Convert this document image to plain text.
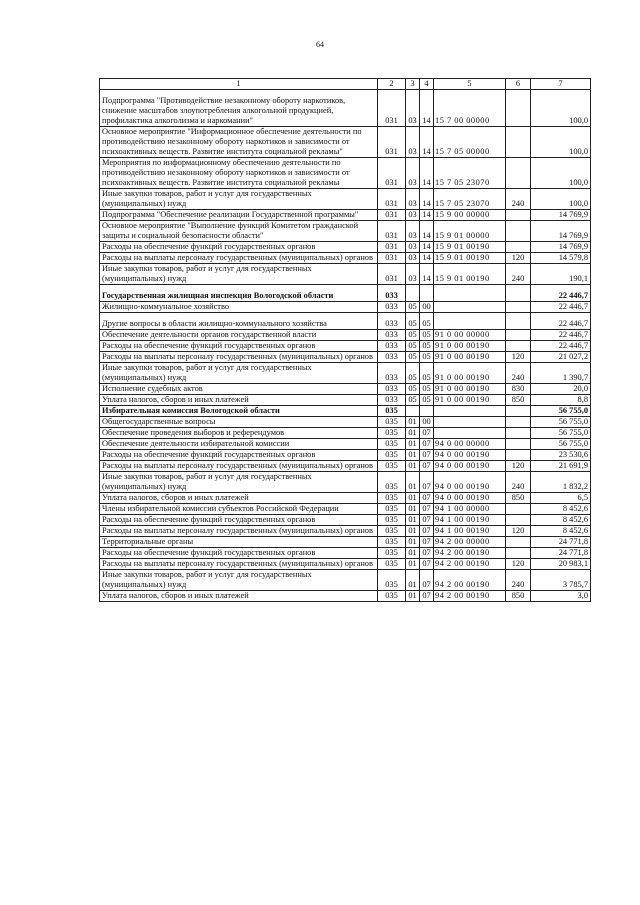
64
1	2	3	4	5	6	7
Подпрограмма "Противодействие незаконному обороту наркотиков, снижение масштабов злоупотребления алкогольной продукцией, профилактика алкоголизма и наркомании"	031	03	14	15 7 00 00000		100,0
Основное мероприятие "Информационное обеспечение деятельности по противодействию незаконному обороту наркотиков и зависимости от психоактивных веществ. Развитие института социальной рекламы"	031	03	14	15 7 05 00000		100,0
Мероприятия по информационному обеспечению деятельности по противодействию незаконному обороту наркотиков и зависимости от психоактивных веществ. Развитие института социальной рекламы	031	03	14	15 7 05 23070		100,0
Иные закупки товаров, работ и услуг для государственных (муниципальных) нужд	031	03	14	15 7 05 23070	240	100,0
Подпрограмма "Обеспечение реализации Государственной программы"	031	03	14	15 9 00 00000		14 769,9
Основное мероприятие "Выполнение функций Комитетом гражданской защиты и социальной безопасности области"	031	03	14	15 9 01 00000		14 769,9
Расходы на обеспечение функций государственных органов	031	03	14	15 9 01 00190		14 769,9
Расходы на выплаты персоналу государственных (муниципальных) органов	031	03	14	15 9 01 00190	120	14 579,8
Иные закупки товаров, работ и услуг для государственных (муниципальных) нужд	031	03	14	15 9 01 00190	240	190,1
Государственная жилищная инспекция Вологодской области	033					22 446,7
Жилищно-коммунальное хозяйство	033	05	00			22 446,7
Другие вопросы в области жилищно-коммунального хозяйства	033	05	05			22 446,7
Обеспечение деятельности органов государственной власти	033	05	05	91 0 00 00000		22 446,7
Расходы на обеспечение функций государственных органов	033	05	05	91 0 00 00190		22 446,7
Расходы на выплаты персоналу государственных (муниципальных) органов	033	05	05	91 0 00 00190	120	21 027,2
Иные закупки товаров, работ и услуг для государственных (муниципальных) нужд	033	05	05	91 0 00 00190	240	1 390,7
Исполнение судебных актов	033	05	05	91 0 00 00190	830	20,0
Уплата налогов, сборов и иных платежей	033	05	05	91 0 00 00190	850	8,8
Избирательная комиссия Вологодской области	035					56 755,0
Общегосударственные вопросы	035	01	00			56 755,0
Обеспечение проведения выборов и референдумов	035	01	07			56 755,0
Обеспечение деятельности избирательной комиссии	035	01	07	94 0 00 00000		56 755,0
Расходы на обеспечение функций государственных органов	035	01	07	94 0 00 00190		23 530,6
Расходы на выплаты персоналу государственных (муниципальных) органов	035	01	07	94 0 00 00190	120	21 691,9
Иные закупки товаров, работ и услуг для государственных (муниципальных) нужд	035	01	07	94 0 00 00190	240	1 832,2
Уплата налогов, сборов и иных платежей	035	01	07	94 0 00 00190	850	6,5
Члены избирательной комиссии субъектов Российской Федерации	035	01	07	94 1 00 00000		8 452,6
Расходы на обеспечение функций государственных органов	035	01	07	94 1 00 00190		8 452,6
Расходы на выплаты персоналу государственных (муниципальных) органов	035	01	07	94 1 00 00190	120	8 452,6
Территориальные органы	035	01	07	94 2 00 00000		24 771,8
Расходы на обеспечение функций государственных органов	035	01	07	94 2 00 00190		24 771,8
Расходы на выплаты персоналу государственных (муниципальных) органов	035	01	07	94 2 00 00190	120	20 983,1
Иные закупки товаров, работ и услуг для государственных (муниципальных) нужд	035	01	07	94 2 00 00190	240	3 785,7
Уплата налогов, сборов и иных платежей	035	01	07	94 2 00 00190	850	3,0
